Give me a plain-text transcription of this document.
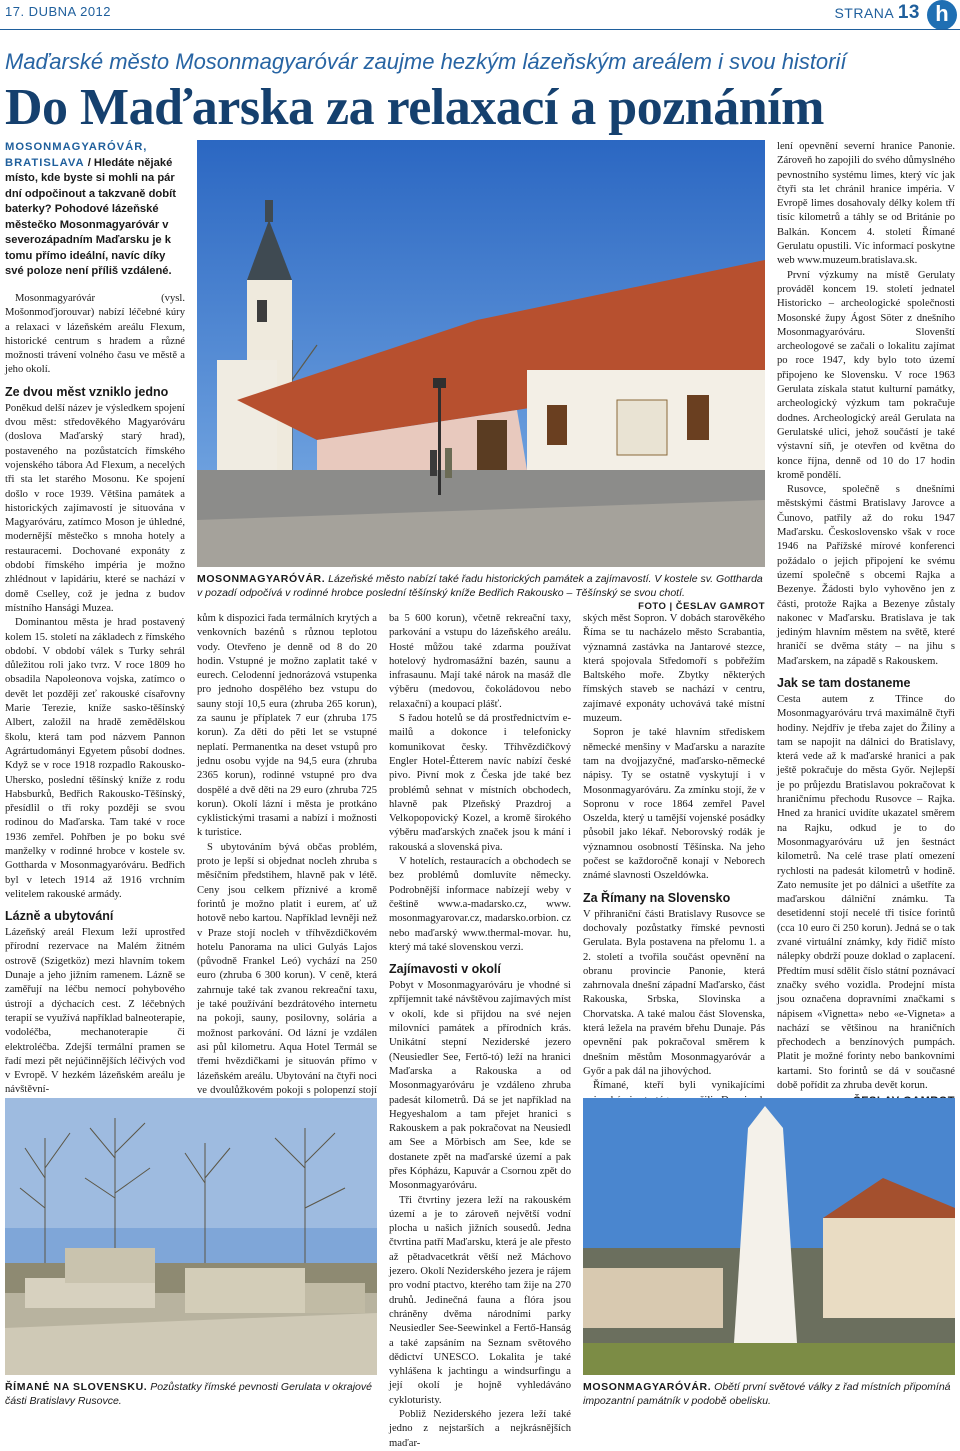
17. DUBNA 2012	STRANA 13 h
Maďarské město Mosonmagyaróvár zaujme hezkým lázeňským areálem i svou historií
Do Maďarska za relaxací a poznáním
MOSONMAGYARÓVÁR, BRATISLAVA / Hledáte nějaké místo, kde byste si mohli na pár dní odpočinout a takzvaně dobít baterky? Pohodové lázeňské městečko Mosonmagyaróvár v severozápadním Maďarsku je k tomu přímo ideální, navíc díky své poloze není příliš vzdálené.

Mosonmagyaróvár (vysl. Mošonmoďjorouvar) nabízí léčebné kúry a relaxaci v lázeňském areálu Flexum, historické centrum s hradem a různé možnosti trávení volného času ve městě a jeho okolí.

Ze dvou měst vzniklo jedno

Poněkud delší název je výsledkem spojení dvou měst: středověkého Magyaróváru (doslova Maďarský starý hrad), postaveného na pozůstatcích římského vojenského tábora Ad Flexum, a necelých tři sta let starého Mosonu. Ke spojení došlo v roce 1939. Většina památek a historických zajímavostí je situována v Magyaróváru, zatímco Moson je úhledné, modernější městečko s mnoha hotely a restauracemi. Dochované exponáty z období římského impéria je možno zhlédnout v lapidáriu, které se nachází v domě Cselley, což je jedna z budov místního Hansági Muzea.

Dominantou města je hrad postavený kolem 15. století na základech z římského období. V období válek s Turky sehrál důležitou roli jako tvrz. V roce 1809 ho obsadila Napoleonova vojska, zatímco o devět let později zeť rakouské císařovny Marie Terezie, kníže sasko-těšínský Albert, založil na hradě zemědělskou školu, která tam pod názvem Pannon Agrártudományi Egyetem působí dodnes. Když se v roce 1918 rozpadlo Rakousko-Uhersko, poslední těšínský kníže z rodu Habsburků, Bedřich Rakousko-Těšínský, přesídlil o tři roky později se svou rodinou do Maďarska. Tam také v roce 1936 zemřel. Pohřben je po boku své manželky v rodinné hrobce v kostele sv. Gottharda v Mosonmagyaróváru. Bedřich byl v letech 1914 až 1916 vrchním velitelem rakouské armády.

Lázně a ubytování

Lázeňský areál Flexum leží uprostřed přírodní rezervace na Malém žitném ostrově (Szigetköz) mezi hlavním tokem Dunaje a jeho jižním ramenem. Lázně se zaměřují na léčbu nemocí pohybového ústrojí a dýchacích cest. Z léčebných terapií se využívá například balneoterapie, vodoléčba, mechanoterapie či elektroléčba. Zdejší termální pramen se řadí mezi pět nejúčinnějších léčivých vod v Evropě. V hezkém lázeňském areálu je návštěvní-

MOSONMAGYARÓVÁR. Lázeňské město nabízí také řadu historických památek a zajímavostí. V kostele sv. Gottharda v pozadí odpočívá v rodinné hrobce poslední těšínský kníže Bedřich Rakousko – Těšínský se svou chotí.
FOTO | ČESLAV GAMROT

kům k dispozici řada termálních krytých a venkovních bazénů s různou teplotou vody. Otevřeno je denně od 8 do 20 hodin. Vstupné je možno zaplatit také v eurech. Celodenní jednorázová vstupenka pro jednoho dospělého bez vstupu do sauny stojí 10,5 eura (zhruba 265 korun), za saunu je příplatek 7 eur (zhruba 175 korun). Za děti do pěti let se vstupné neplatí. Permanentka na deset vstupů pro jednu osobu vyjde na 94,5 eura (zhruba 2365 korun), rodinné vstupné pro dva dospělé a dvě děti na 29 euro (zhruba 725 korun). Okolí lázní i města je protkáno cyklistickými trasami a nabízí i možnosti k turistice.

S ubytováním bývá občas problém, proto je lepší si objednat nocleh zhruba s měsíčním předstihem, hlavně pak v létě. Ceny jsou celkem příznivé a kromě forintů je možno platit i eurem, ať už hotově nebo kartou. Například levněji než v Praze stojí nocleh v tříhvězdičkovém hotelu Panorama na ulici Gulyás Lajos (původně Frankel Leó) vychází na 250 euro (zhruba 6 300 korun). V ceně, která zahrnuje také tak zvanou rekreační taxu, je také používání bezdrátového internetu na pokoji, sauny, posilovny, solária a možnost parkování. Od lázní je vzdálen asi půl kilometru. Aqua Hotel Termál se třemi hvězdičkami je situován přímo v lázeňském areálu. Ubytování na čtyři noci ve dvoulůžkovém pokoji s polopenzí stojí

ba 5 600 korun), včetně rekreační taxy, parkování a vstupu do lázeňského areálu. Hosté můžou také zdarma používat hotelový hydromasážní bazén, saunu a infrasaunu. Mají také nárok na masáž dle výběru (medovou, čokoládovou nebo relaxační) a koupací plášť.

S řadou hotelů se dá prostřednictvím e-mailů a dokonce i telefonicky komunikovat česky. Tříhvězdičkový Engler Hotel-Étterem navíc nabízí české pivo. Pivní mok z Česka jde také bez problémů sehnat v místních obchodech, hlavně pak Plzeňský Prazdroj a Velkopopovický Kozel, a kromě širokého výběru maďarských značek jsou k mání i rakouská a slovenská piva.

V hotelích, restauracích a obchodech se bez problémů domluvíte německy. Podrobnější informace nabízejí weby v češtině www.a-madarsko.cz, www. mosonmagyarovar.cz, madarsko.orbion. cz nebo maďarský www.thermal-movar. hu, který má také slovenskou verzi.

Zajímavosti v okolí

Pobyt v Mosonmagyaróváru je vhodné si zpříjemnit také návštěvou zajímavých míst v okolí, kde si přijdou na své nejen milovníci památek a přírodních krás. Unikátní stepní Neziderské jezero (Neusiedler See, Fertő-tó) leží na hranici Maďarska a Rakouska a od Mosonmagyaróváru je vzdáleno zhruba padesát kilometrů. Dá se jet například na Hegyeshalom a tam přejet hranici s Rakouskem a pak pokračovat na Neusiedl am See a Mörbisch am See, kde se dostanete zpět na maďarské území a pak přes Kópházu, Kapuvár a Csornou zpět do Mosonmagyaróváru.

Tři čtvrtiny jezera leží na rakouském území a je to zároveň největší vodní plocha u našich jižních sousedů. Jedna čtvrtina patří Maďarsku, která je ale přesto až pětadvacetkrát větší než Máchovo jezero. Okolí Neziderského jezera je rájem pro vodní ptactvo, kterého tam žije na 270 druhů. Jedinečná fauna a flóra jsou chráněny dvěma národními parky Neusiedler See-Seewinkel a Fertő-Hanság a také zapsáním na Seznam světového dědictví UNESCO. Lokalita je také vyhlášena k jachtingu a windsurfingu a její okolí je hojně vyhledáváno cykloturisty.

Pobliž Neziderského jezera leží také jedno z nejstarších a nejkrásnějších maďar-

ských měst Sopron. V dobách starověkého Říma se tu nacházelo město Scrabantia, významná zastávka na Jantarové stezce, která spojovala Středomoří s pobřežím Baltského moře. Zbytky některých římských staveb se nachází v centru, zajímavé exponáty uchovává také místní muzeum.

Sopron je také hlavním střediskem německé menšiny v Maďarsku a narazíte tam na dvojjazyčné, maďarsko-německé nápisy. Ty se ostatně vyskytují i v Mosonmagyaróváru. Za zmínku stojí, že v Sopronu v roce 1864 zemřel Pavel Oszelda, který u tamější vojenské posádky působil jako lékař. Neborovský rodák je významnou osobností Těšínska. Na jeho počest se každoročně konají v Neborech známé slavnosti Oszeldówka.

Za Římany na Slovensko

V přihraniční části Bratislavy Rusovce se dochovaly pozůstatky římské pevnosti Gerulata. Byla postavena na přelomu 1. a 2. století a tvořila součást opevnění na obranu provincie Panonie, která zahrnovala dnešní západní Maďarsko, část Rakouska, Srbska, Slovinska a Chorvatska. A také malou část Slovenska, která ležela na pravém břehu Dunaje. Pás opevnění pak pokračoval směrem k dnešním městům Mosonmagyaróvár a Győr a pak dál na jihovýchod.

Římané, kteří byli vynikajícími

lení opevnění severní hranice Panonie. Zároveň ho zapojili do svého důmyslného pevnostního systému limes, který víc jak čtyři sta let chránil hranice impéria. V Evropě limes dosahovaly délky kolem tří tisíc kilometrů a táhly se od Británie po Balkán. Koncem 4. století Římané Gerulatu opustili. Víc informací poskytne web www.muzeum.bratislava.sk.

První výzkumy na místě Gerulaty prováděl koncem 19. století jednatel Historicko – archeologické společnosti Mosonské župy Ágost Söter z dnešního Mosonmagyaróváru. Slovenští archeologové se začali o lokalitu zajímat po roce 1947, kdy bylo toto území připojeno ke Slovensku. V roce 1963 Gerulata získala statut kulturní památky, archeologický výzkum tam pokračuje dodnes. Archeologický areál Gerulata na Gerulatské ulici, jehož součástí je také výstavní síň, je otevřen od května do konce října, denně od 10 do 17 hodin kromě pondělí.

Rusovce, společně s dnešními městskými částmi Bratislavy Jarovce a Čunovo, patřily až do roku 1947 Maďarsku. Československo však v roce 1946 na Pařížské mírové konferenci požádalo o jejich připojení ke svému území společně s obcemi Rajka a Bezenye. Žádosti bylo vyhověno jen z části, protože Rajka a Bezenye zůstaly nakonec v Maďarsku. Bratislava je tak jediným hlavním městem na světě, které hraničí se dvěma státy – na jihu s Maďarskem, na západě s Rakouskem.

Jak se tam dostaneme

Cesta autem z Třince do Mosonmagyaróváru trvá maximálně čtyři hodiny. Nejdřív je třeba zajet do Žiliny a tam se napojit na dálnici do Bratislavy, která vede až k maďarské hranici a pak ještě pokračuje do města Győr. Nejlepší je po průjezdu Bratislavou pokračovat k hraničnímu přechodu Rusovce – Rajka. Hned za hranicí uvidíte ukazatel směrem na Rajku, odkud je to do Mosonmagyaróváru už jen šestnáct kilometrů. Na celé trase platí omezení rychlosti na padesát kilometrů v hodině. Zato nemusíte jet po dálnici a ušetříte za maďarskou dálniční známku. Ta desetidenní stojí necelé tři tisíce forintů (cca 10 euro či 250 korun). Jedná se o tak zvané virtuální známky, kdy řidič místo nálepky obdrží pouze doklad o zaplacení. Předtím musí sdělit číslo státní poznávací značky svého vozidla. Prodejní místa jsou označena dopravními značkami s nápisem «Vignetta» nebo «e-Vigneta» a nachází se většinou na hraničních přechodech a benzínových pumpách. Platit je možné forinty nebo bankovními kartami. Sto forintů se dá v současné době pořídit za zhruba devět korun.

ŘÍMANÉ NA SLOVENSKU. Pozůstatky římské pevnosti Gerulata v okrajové části Bratislavy Rusovce.
MOSONMAGYARÓVÁR. Obětí první světové války z řad místních připomíná impozantní památník v podobě obelisku.
